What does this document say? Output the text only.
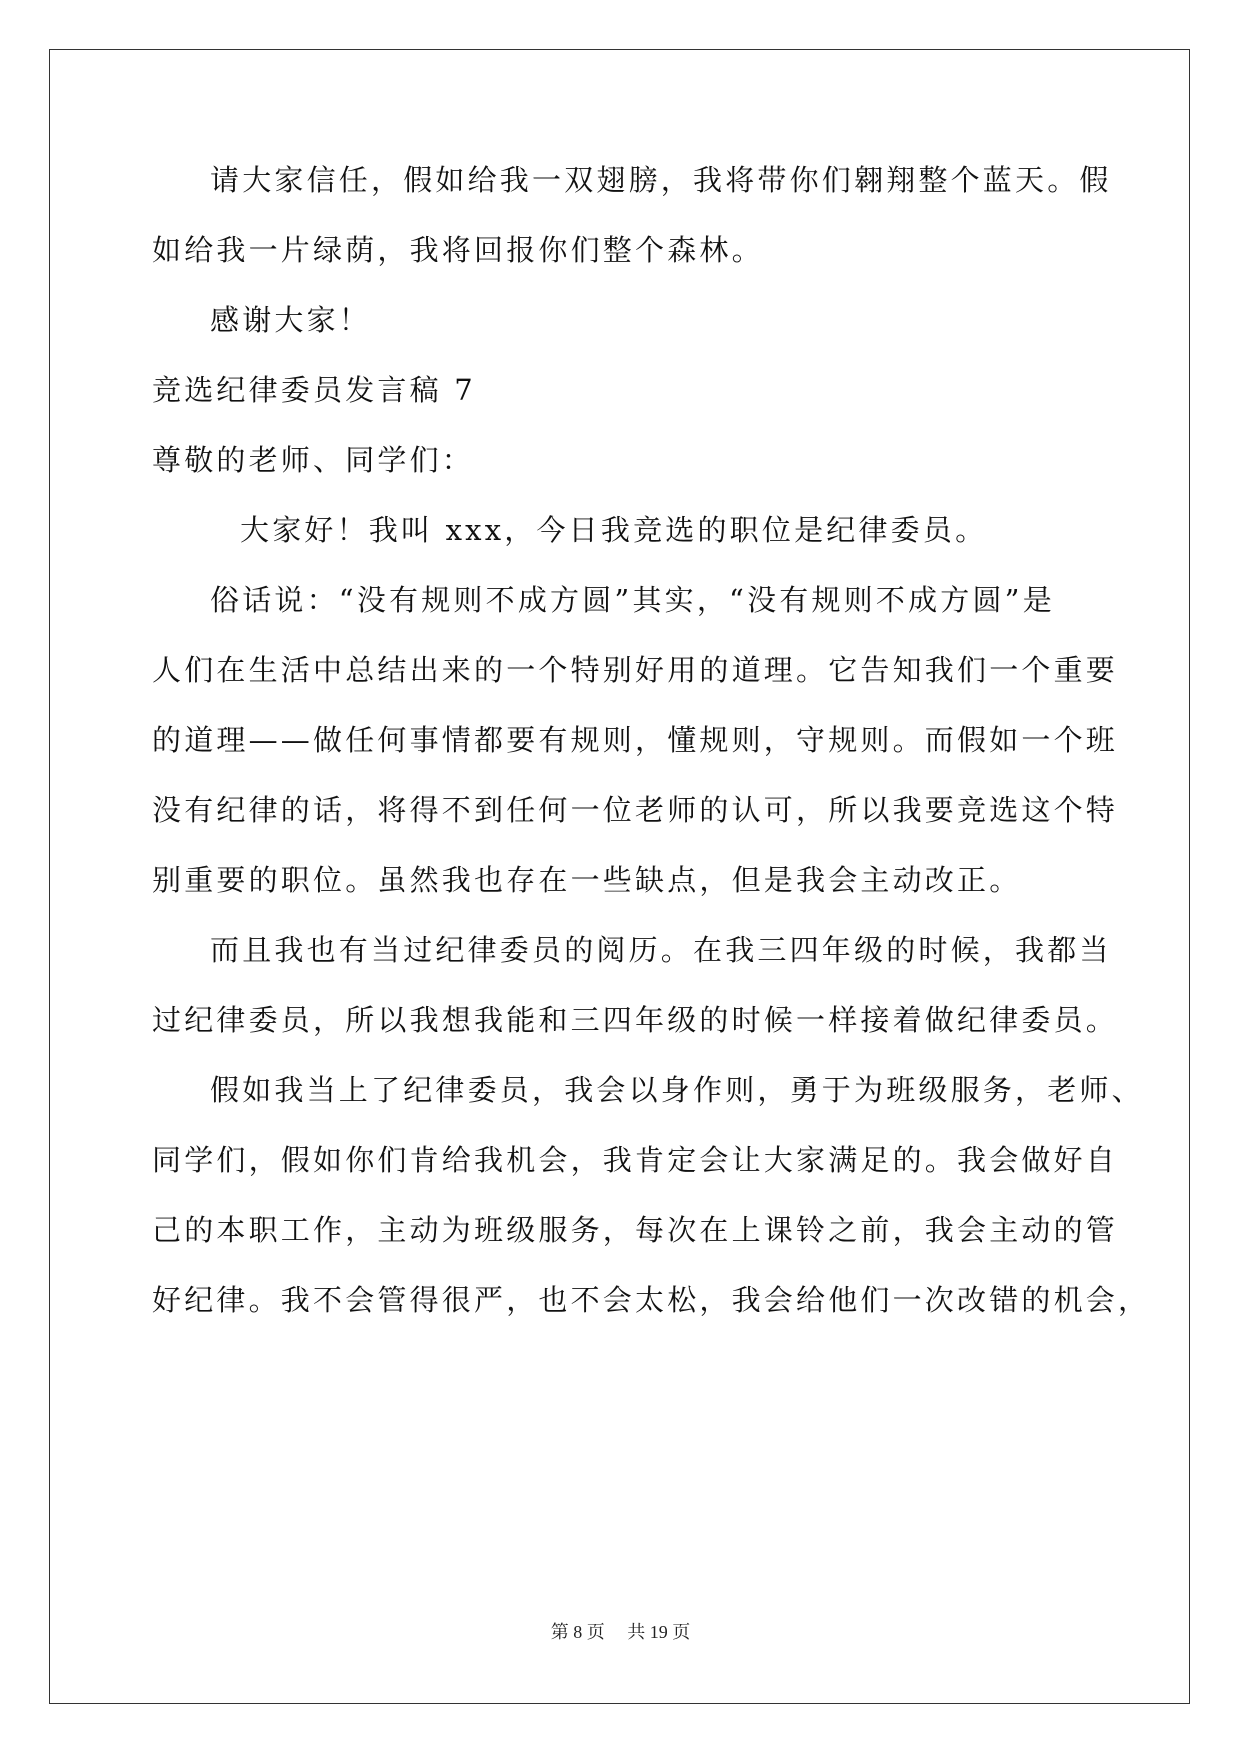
请大家信任，假如给我一双翅膀，我将带你们翱翔整个蓝天。假
如给我一片绿荫，我将回报你们整个森林。
感谢大家！
竞选纪律委员发言稿 7
尊敬的老师、同学们：
大家好！我叫 xxx，今日我竞选的职位是纪律委员。
俗话说：“没有规则不成方圆”其实，“没有规则不成方圆”是
人们在生活中总结出来的一个特别好用的道理。它告知我们一个重要
的道理——做任何事情都要有规则，懂规则，守规则。而假如一个班
没有纪律的话，将得不到任何一位老师的认可，所以我要竞选这个特
别重要的职位。虽然我也存在一些缺点，但是我会主动改正。
而且我也有当过纪律委员的阅历。在我三四年级的时候，我都当
过纪律委员，所以我想我能和三四年级的时候一样接着做纪律委员。
假如我当上了纪律委员，我会以身作则，勇于为班级服务，老师、
同学们，假如你们肯给我机会，我肯定会让大家满足的。我会做好自
己的本职工作，主动为班级服务，每次在上课铃之前，我会主动的管
好纪律。我不会管得很严，也不会太松，我会给他们一次改错的机会，
第 8 页　 共 19 页
